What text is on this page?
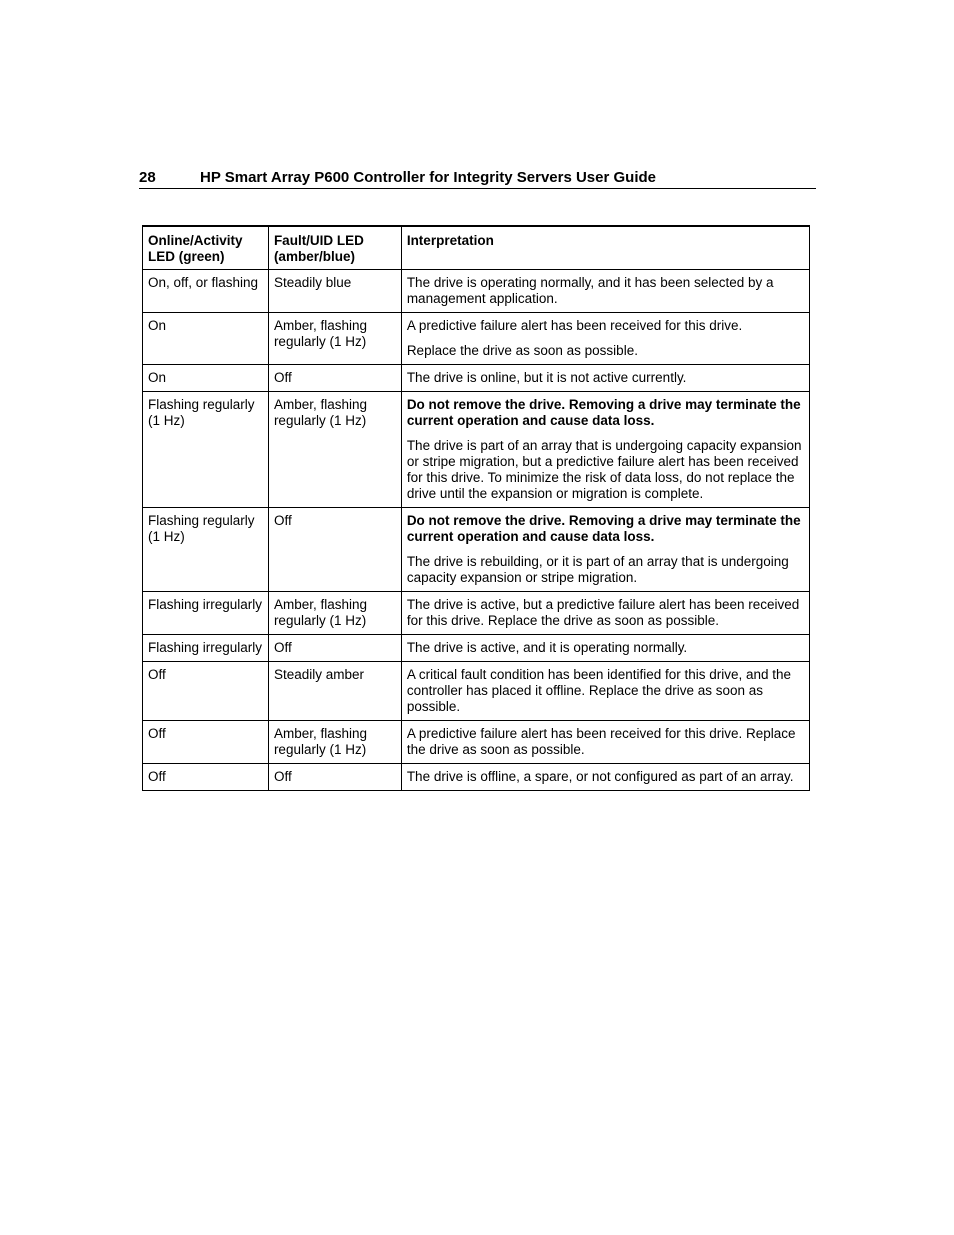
28	HP Smart Array P600 Controller for Integrity Servers User Guide
Online/Activity LED (green)	Fault/UID LED (amber/blue)	Interpretation
On, off, or flashing	Steadily blue	The drive is operating normally, and it has been selected by a management application.

On	Amber, flashing regularly (1 Hz)	A predictive failure alert has been received for this drive.
Replace the drive as soon as possible.

On	Off	The drive is online, but it is not active currently.

Flashing regularly (1 Hz)	Amber, flashing regularly (1 Hz)	Do not remove the drive. Removing a drive may terminate the current operation and cause data loss.
The drive is part of an array that is undergoing capacity expansion or stripe migration, but a predictive failure alert has been received for this drive. To minimize the risk of data loss, do not replace the drive until the expansion or migration is complete.

Flashing regularly (1 Hz)	Off	Do not remove the drive. Removing a drive may terminate the current operation and cause data loss.
The drive is rebuilding, or it is part of an array that is undergoing capacity expansion or stripe migration.

Flashing irregularly	Amber, flashing regularly (1 Hz)	The drive is active, but a predictive failure alert has been received for this drive. Replace the drive as soon as possible.

Flashing irregularly	Off	The drive is active, and it is operating normally.

Off	Steadily amber	A critical fault condition has been identified for this drive, and the controller has placed it offline. Replace the drive as soon as possible.

Off	Amber, flashing regularly (1 Hz)	A predictive failure alert has been received for this drive. Replace the drive as soon as possible.

Off	Off	The drive is offline, a spare, or not configured as part of an array.
